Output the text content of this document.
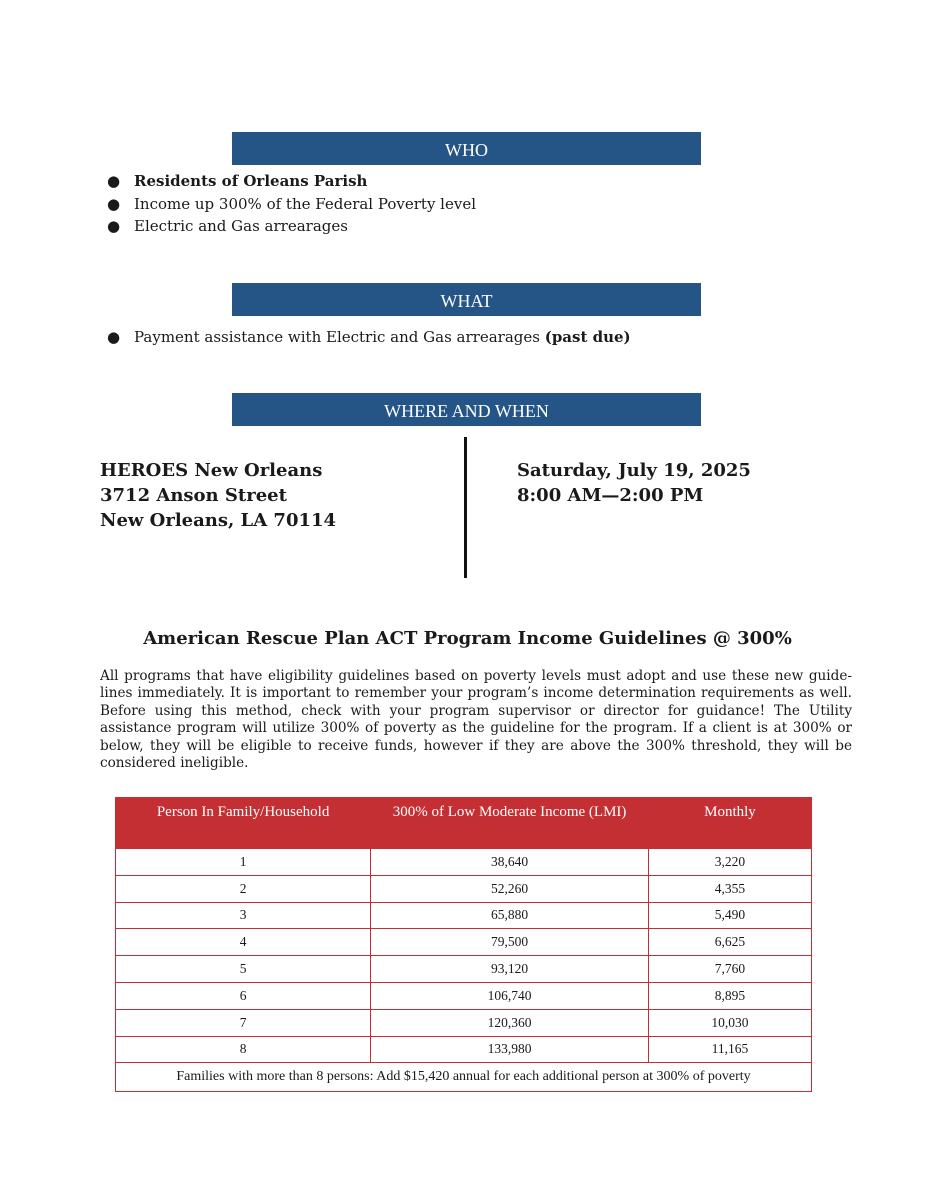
WHO
● Residents of Orleans Parish
● Income up 300% of the Federal Poverty level
● Electric and Gas arrearages
WHAT
● Payment assistance with Electric and Gas arrearages (past due)
WHERE AND WHEN
HEROES New Orleans
3712 Anson Street
New Orleans, LA 70114
Saturday, July 19, 2025
8:00 AM—2:00 PM
American Rescue Plan ACT Program Income Guidelines @ 300%
All programs that have eligibility guidelines based on poverty levels must adopt and use these new guide-lines immediately. It is important to remember your program’s income determination requirements as well. Before using this method, check with your program supervisor or director for guidance! The Utility assistance program will utilize 300% of poverty as the guideline for the program. If a client is at 300% or below, they will be eligible to receive funds, however if they are above the 300% threshold, they will be considered ineligible.
Person In Family/Household	300% of Low Moderate Income (LMI)	Monthly
1	38,640	3,220
2	52,260	4,355
3	65,880	5,490
4	79,500	6,625
5	93,120	7,760
6	106,740	8,895
7	120,360	10,030
8	133,980	11,165
Families with more than 8 persons: Add $15,420 annual for each additional person at 300% of poverty		
